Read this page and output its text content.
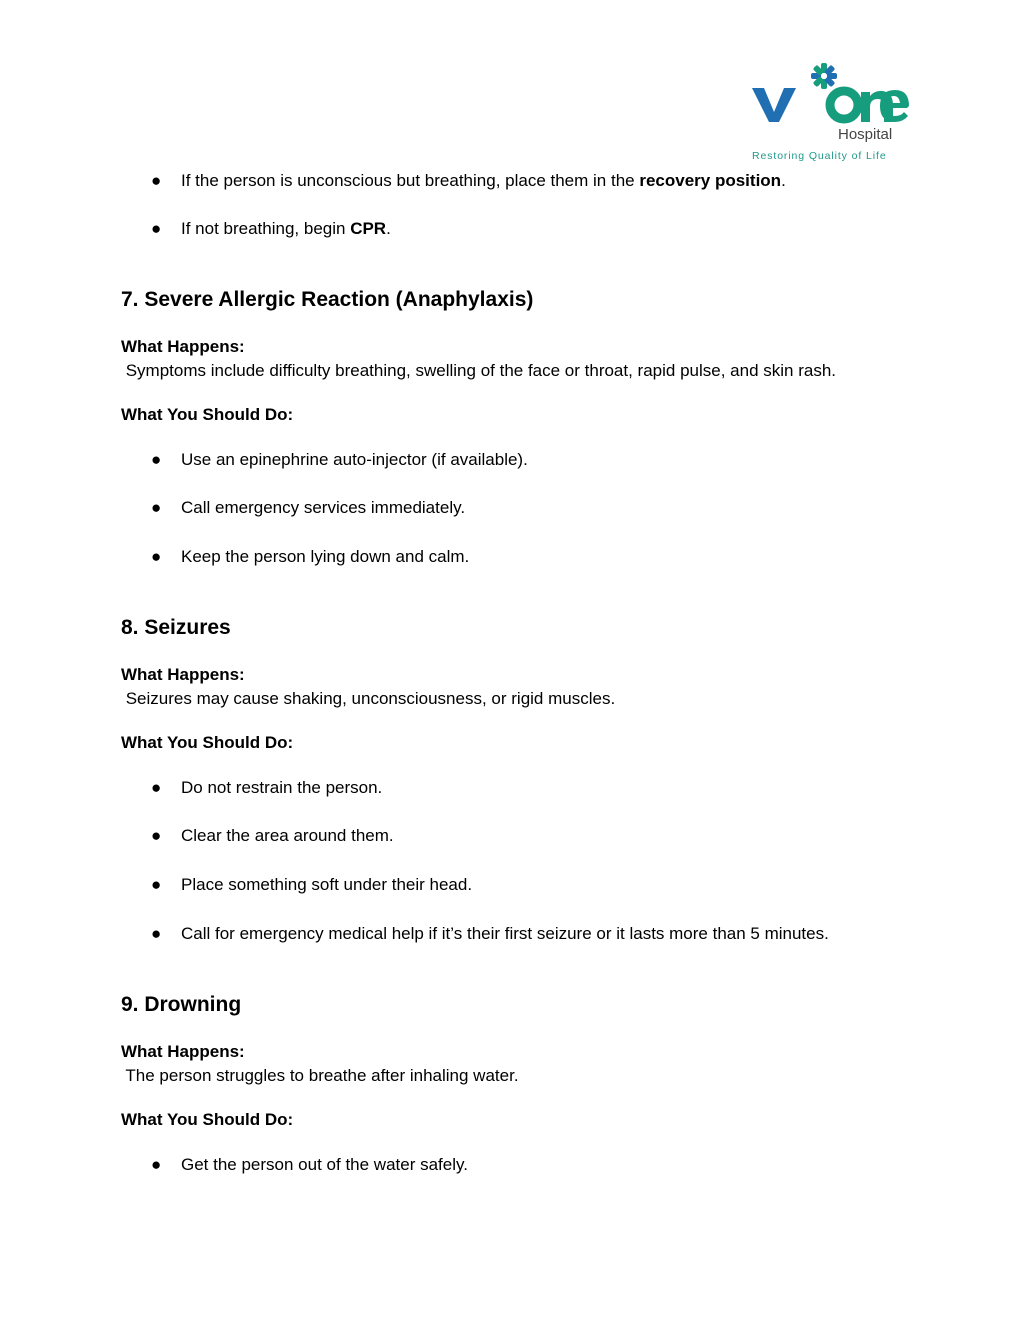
Hospital
Restoring Quality of Life
● If the person is unconscious but breathing, place them in the recovery position.
● If not breathing, begin CPR.
7. Severe Allergic Reaction (Anaphylaxis)
What Happens:
Symptoms include difficulty breathing, swelling of the face or throat, rapid pulse, and skin rash.
What You Should Do:
● Use an epinephrine auto-injector (if available).
● Call emergency services immediately.
● Keep the person lying down and calm.
8. Seizures
What Happens:
Seizures may cause shaking, unconsciousness, or rigid muscles.
What You Should Do:
● Do not restrain the person.
● Clear the area around them.
● Place something soft under their head.
● Call for emergency medical help if it’s their first seizure or it lasts more than 5 minutes.
9. Drowning
What Happens:
The person struggles to breathe after inhaling water.
What You Should Do:
● Get the person out of the water safely.
